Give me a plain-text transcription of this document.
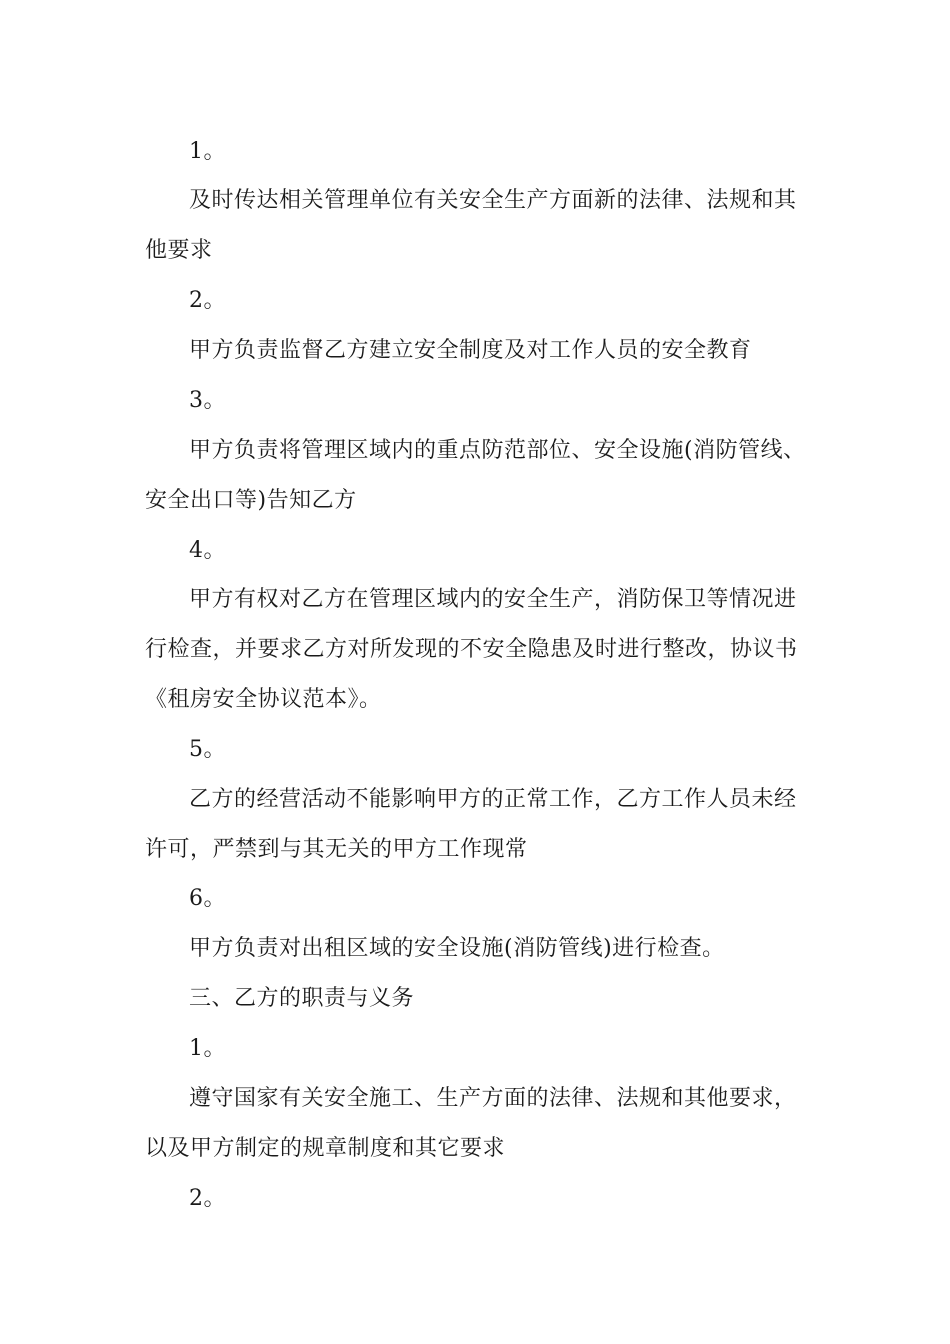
1。
及时传达相关管理单位有关安全生产方面新的法律、法规和其
他要求
2。
甲方负责监督乙方建立安全制度及对工作人员的安全教育
3。
甲方负责将管理区域内的重点防范部位、安全设施(消防管线、
安全出口等)告知乙方
4。
甲方有权对乙方在管理区域内的安全生产，消防保卫等情况进
行检查，并要求乙方对所发现的不安全隐患及时进行整改，协议书
《租房安全协议范本》。
5。
乙方的经营活动不能影响甲方的正常工作，乙方工作人员未经
许可，严禁到与其无关的甲方工作现常
6。
甲方负责对出租区域的安全设施(消防管线)进行检查。
三、乙方的职责与义务
1。
遵守国家有关安全施工、生产方面的法律、法规和其他要求，
以及甲方制定的规章制度和其它要求
2。
